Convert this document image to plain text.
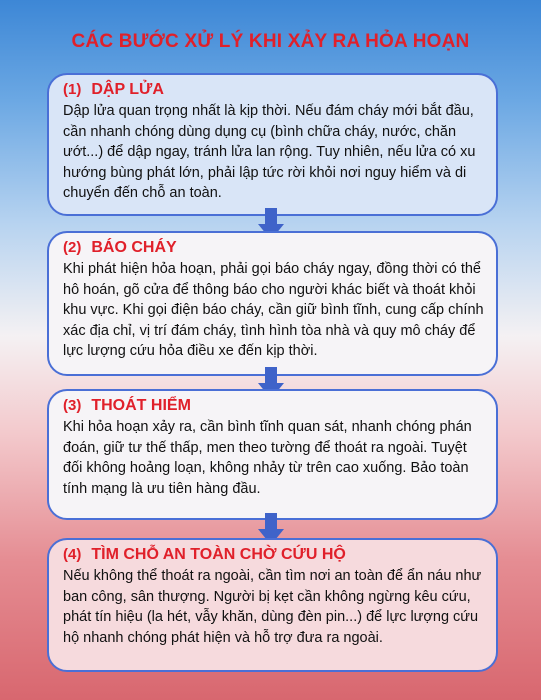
CÁC BƯỚC XỬ LÝ KHI XẢY RA HỎA HOẠN
(1) DẬP LỬA
Dập lửa quan trọng nhất là kịp thời. Nếu đám cháy mới bắt đầu, cần nhanh chóng dùng dụng cụ (bình chữa cháy, nước, chăn ướt...) để dập ngay, tránh lửa lan rộng. Tuy nhiên, nếu lửa có xu hướng bùng phát lớn, phải lập tức rời khỏi nơi nguy hiểm và di chuyển đến chỗ an toàn.
(2) BÁO CHÁY
Khi phát hiện hỏa hoạn, phải gọi báo cháy ngay, đồng thời có thể hô hoán, gõ cửa để thông báo cho người khác biết và thoát khỏi khu vực. Khi gọi điện báo cháy, cần giữ bình tĩnh, cung cấp chính xác địa chỉ, vị trí đám cháy, tình hình tòa nhà và quy mô cháy để lực lượng cứu hỏa điều xe đến kịp thời.
(3) THOÁT HIỂM
Khi hỏa hoạn xảy ra, cần bình tĩnh quan sát, nhanh chóng phán đoán, giữ tư thế thấp, men theo tường để thoát ra ngoài. Tuyệt đối không hoảng loạn, không nhảy từ trên cao xuống. Bảo toàn tính mạng là ưu tiên hàng đầu.
(4) TÌM CHỖ AN TOÀN CHỜ CỨU HỘ
Nếu không thể thoát ra ngoài, cần tìm nơi an toàn để ẩn náu như ban công, sân thượng. Người bị kẹt cần không ngừng kêu cứu, phát tín hiệu (la hét, vẫy khăn, dùng đèn pin...) để lực lượng cứu hộ nhanh chóng phát hiện và hỗ trợ đưa ra ngoài.
